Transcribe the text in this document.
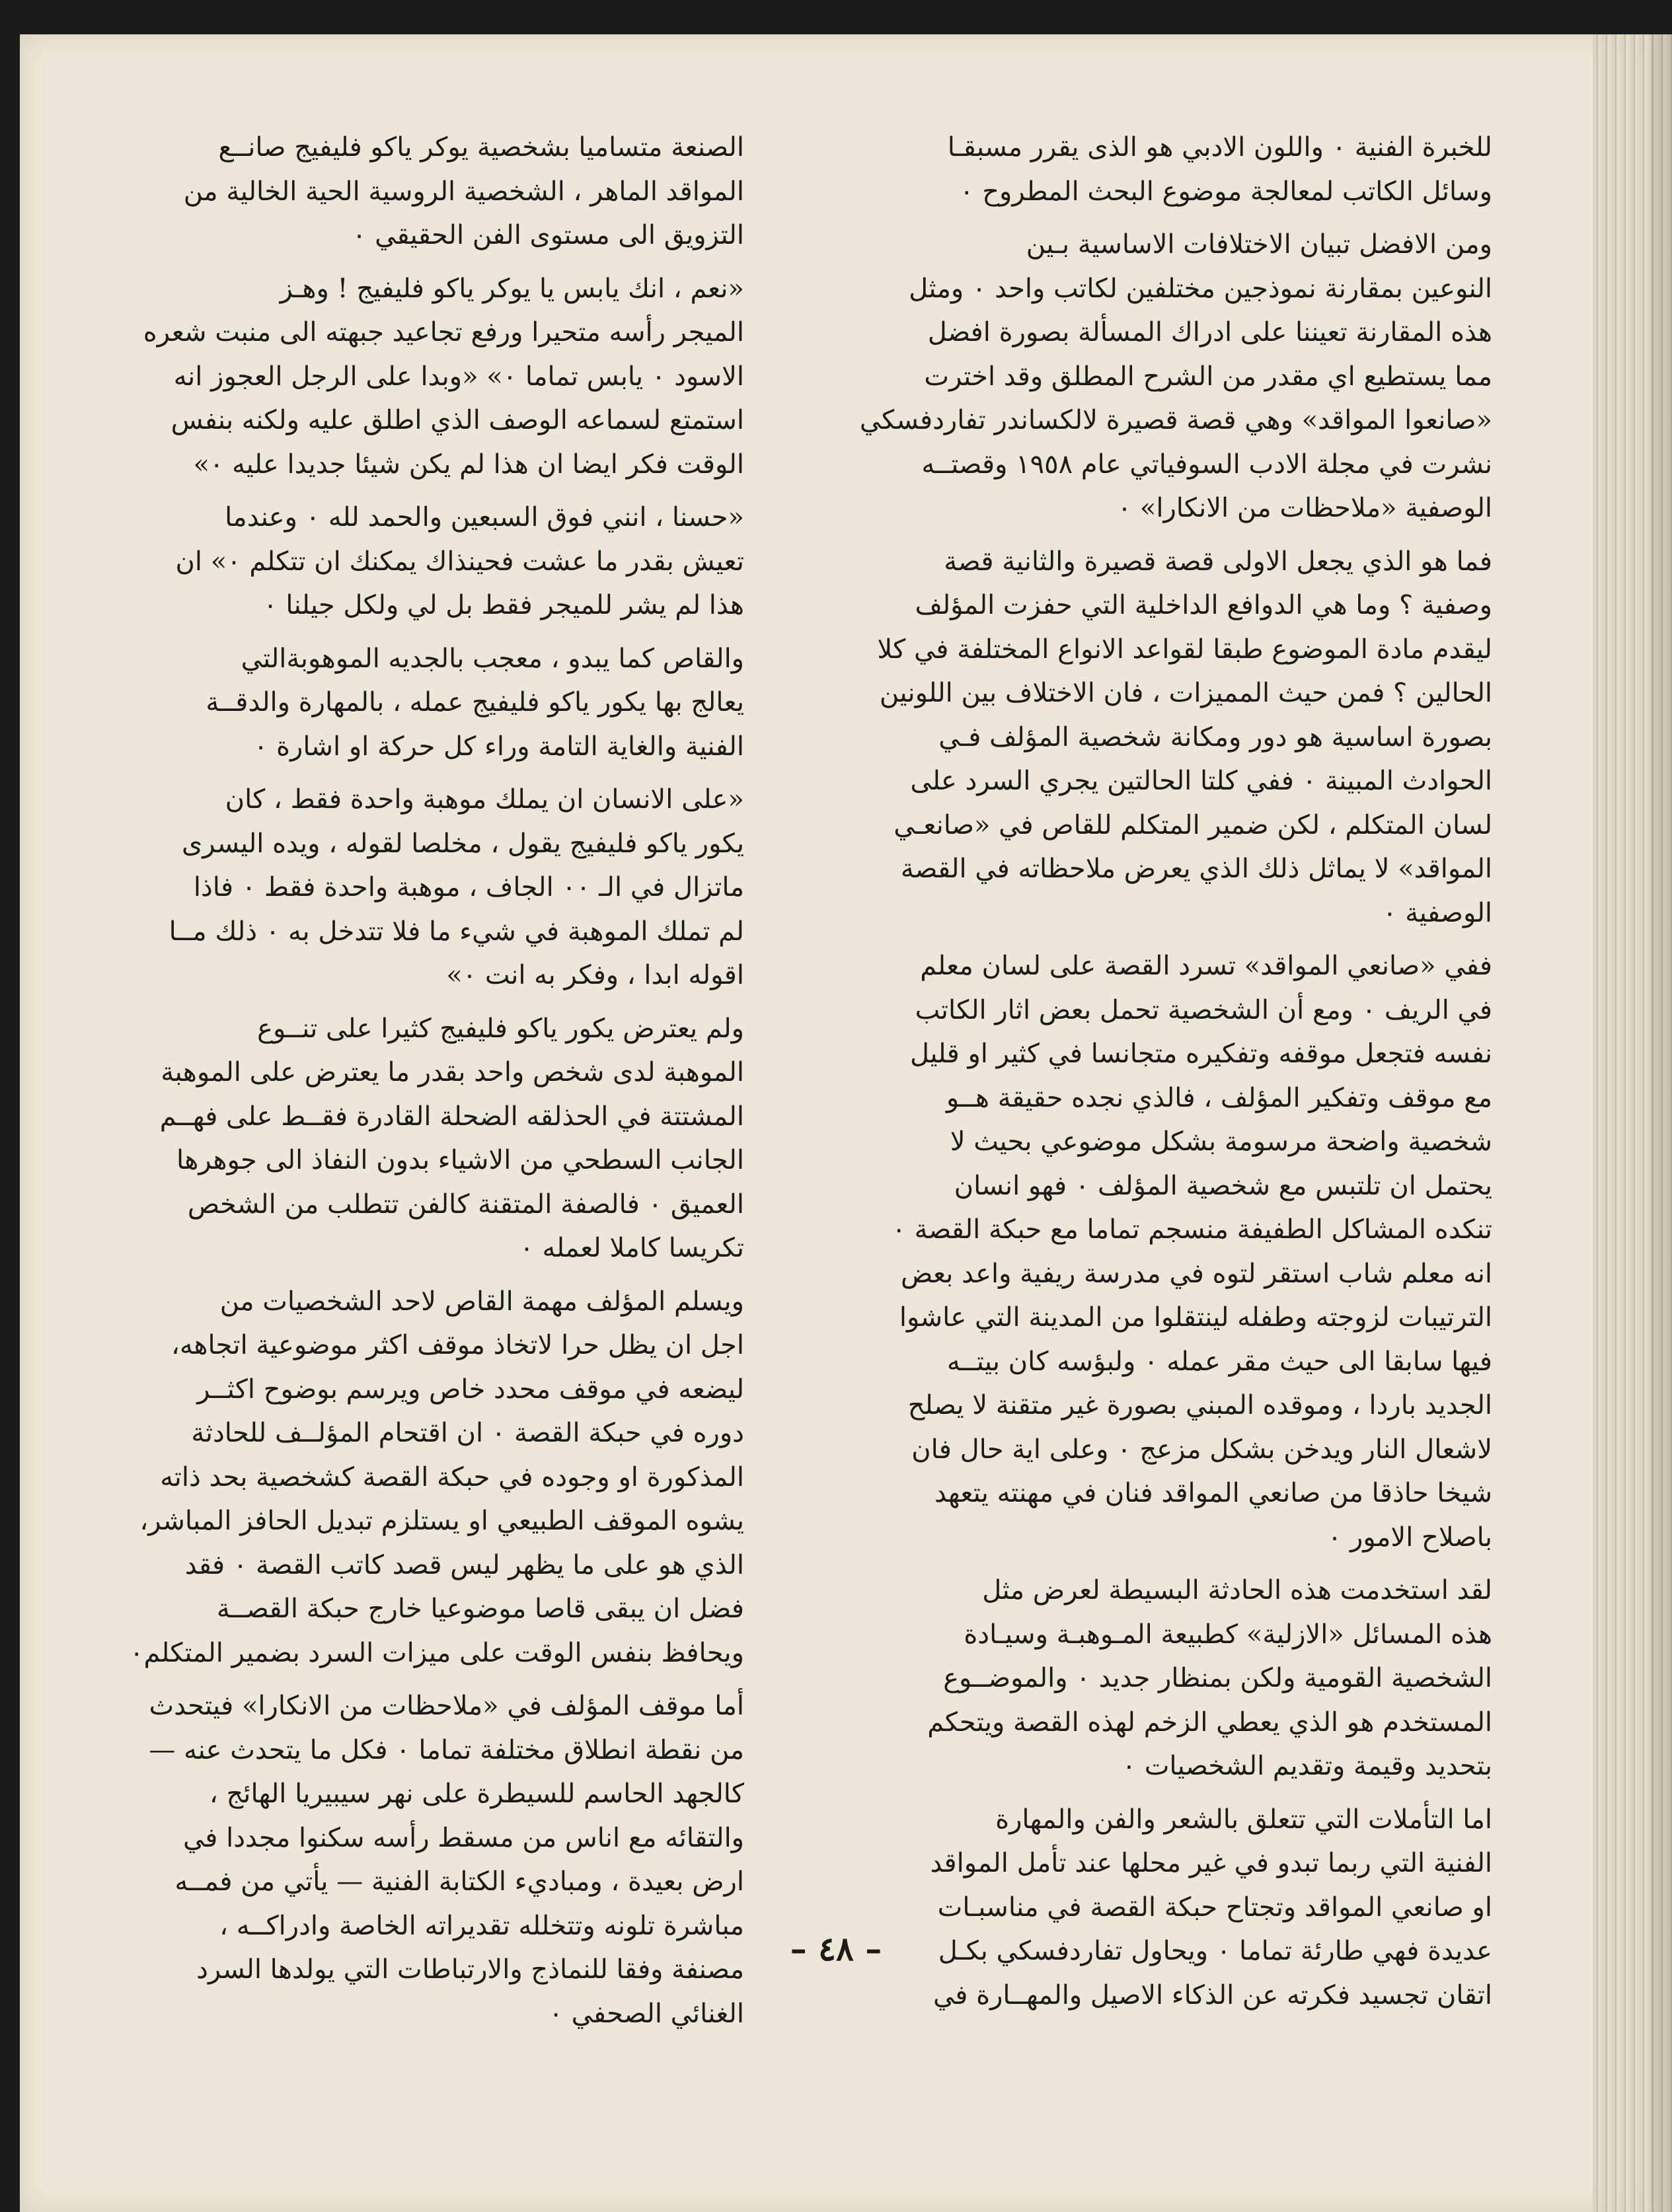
للخبرة الفنية ٠ واللون الادبي هو الذى يقرر مسبقـا
وسائل الكاتب لمعالجة موضوع البحث المطروح ٠

ومن الافضل تبيان الاختلافات الاساسية بـين
النوعين بمقارنة نموذجين مختلفين لكاتب واحد ٠ ومثل
هذه المقارنة تعيننا على ادراك المسألة بصورة افضل
مما يستطيع اي مقدر من الشرح المطلق وقد اخترت
«صانعوا المواقد» وهي قصة قصيرة لالكساندر تفاردفسكي
نشرت في مجلة الادب السوفياتي عام ١٩٥٨ وقصتــه
الوصفية «ملاحظات من الانكارا» ٠

فما هو الذي يجعل الاولى قصة قصيرة والثانية قصة
وصفية ؟ وما هي الدوافع الداخلية التي حفزت المؤلف
ليقدم مادة الموضوع طبقا لقواعد الانواع المختلفة في كلا
الحالين ؟ فمن حيث المميزات ، فان الاختلاف بين اللونين
بصورة اساسية هو دور ومكانة شخصية المؤلف فـي
الحوادث المبينة ٠ ففي كلتا الحالتين يجري السرد على
لسان المتكلم ، لكن ضمير المتكلم للقاص في «صانعـي
المواقد» لا يماثل ذلك الذي يعرض ملاحظاته في القصة
الوصفية ٠

ففي «صانعي المواقد» تسرد القصة على لسان معلم
في الريف ٠ ومع أن الشخصية تحمل بعض اثار الكاتب
نفسه فتجعل موقفه وتفكيره متجانسا في كثير او قليل
مع موقف وتفكير المؤلف ، فالذي نجده حقيقة هــو
شخصية واضحة مرسومة بشكل موضوعي بحيث لا
يحتمل ان تلتبس مع شخصية المؤلف ٠ فهو انسان
تنكده المشاكل الطفيفة منسجم تماما مع حبكة القصة ٠
انه معلم شاب استقر لتوه في مدرسة ريفية واعد بعض
الترتيبات لزوجته وطفله لينتقلوا من المدينة التي عاشوا
فيها سابقا الى حيث مقر عمله ٠ ولبؤسه كان بيتــه
الجديد باردا ، وموقده المبني بصورة غير متقنة لا يصلح
لاشعال النار ويدخن بشكل مزعج ٠ وعلى اية حال فان
شيخا حاذقا من صانعي المواقد فنان في مهنته يتعهد
باصلاح الامور ٠

لقد استخدمت هذه الحادثة البسيطة لعرض مثل
هذه المسائل «الازلية» كطبيعة المـوهبـة وسيـادة
الشخصية القومية ولكن بمنظار جديد ٠ والموضــوع
المستخدم هو الذي يعطي الزخم لهذه القصة ويتحكم
بتحديد وقيمة وتقديم الشخصيات ٠

اما التأملات التي تتعلق بالشعر والفن والمهارة
الفنية التي ربما تبدو في غير محلها عند تأمل المواقد
او صانعي المواقد وتجتاح حبكة القصة في مناسبـات
عديدة فهي طارئة تماما ٠ ويحاول تفاردفسكي بكـل
اتقان تجسيد فكرته عن الذكاء الاصيل والمهــارة في

الصنعة متساميا بشخصية يوكر ياكو فليفيج صانــع
المواقد الماهر ، الشخصية الروسية الحية الخالية من
التزويق الى مستوى الفن الحقيقي ٠

«نعم ، انك يابس يا يوكر ياكو فليفيج ! وهـز
الميجر رأسه متحيرا ورفع تجاعيد جبهته الى منبت شعره
الاسود ٠ يابس تماما ٠» «وبدا على الرجل العجوز انه
استمتع لسماعه الوصف الذي اطلق عليه ولكنه بنفس
الوقت فكر ايضا ان هذا لم يكن شيئا جديدا عليه ٠»

«حسنا ، انني فوق السبعين والحمد لله ٠ وعندما
تعيش بقدر ما عشت فحينذاك يمكنك ان تتكلم ٠» ان
هذا لم يشر للميجر فقط بل لي ولكل جيلنا ٠

والقاص كما يبدو ، معجب بالجديه الموهوبةالتي
يعالج بها يكور ياكو فليفيج عمله ، بالمهارة والدقــة
الفنية والغاية التامة وراء كل حركة او اشارة ٠

«على الانسان ان يملك موهبة واحدة فقط ، كان
يكور ياكو فليفيج يقول ، مخلصا لقوله ، ويده اليسرى
ماتزال في الـ ٠٠ الجاف ، موهبة واحدة فقط ٠ فاذا
لم تملك الموهبة في شيء ما فلا تتدخل به ٠ ذلك مــا
اقوله ابدا ، وفكر به انت ٠»

ولم يعترض يكور ياكو فليفيج كثيرا على تنــوع
الموهبة لدى شخص واحد بقدر ما يعترض على الموهبة
المشتتة في الحذلقه الضحلة القادرة فقــط على فهــم
الجانب السطحي من الاشياء بدون النفاذ الى جوهرها
العميق ٠ فالصفة المتقنة كالفن تتطلب من الشخص
تكريسا كاملا لعمله ٠

ويسلم المؤلف مهمة القاص لاحد الشخصيات من
اجل ان يظل حرا لاتخاذ موقف اكثر موضوعية اتجاهه،
ليضعه في موقف محدد خاص ويرسم بوضوح اكثــر
دوره في حبكة القصة ٠ ان اقتحام المؤلــف للحادثة
المذكورة او وجوده في حبكة القصة كشخصية بحد ذاته
يشوه الموقف الطبيعي او يستلزم تبديل الحافز المباشر،
الذي هو على ما يظهر ليس قصد كاتب القصة ٠ فقد
فضل ان يبقى قاصا موضوعيا خارج حبكة القصــة
ويحافظ بنفس الوقت على ميزات السرد بضمير المتكلم٠

أما موقف المؤلف في «ملاحظات من الانكارا» فيتحدث
من نقطة انطلاق مختلفة تماما ٠ فكل ما يتحدث عنه —
كالجهد الحاسم للسيطرة على نهر سيبيريا الهائج ،
والتقائه مع اناس من مسقط رأسه سكنوا مجددا في
ارض بعيدة ، ومباديء الكتابة الفنية — يأتي من فمــه
مباشرة تلونه وتتخلله تقديراته الخاصة وادراكــه ،
مصنفة وفقا للنماذج والارتباطات التي يولدها السرد
الغنائي الصحفي ٠

– ٤٨ –
